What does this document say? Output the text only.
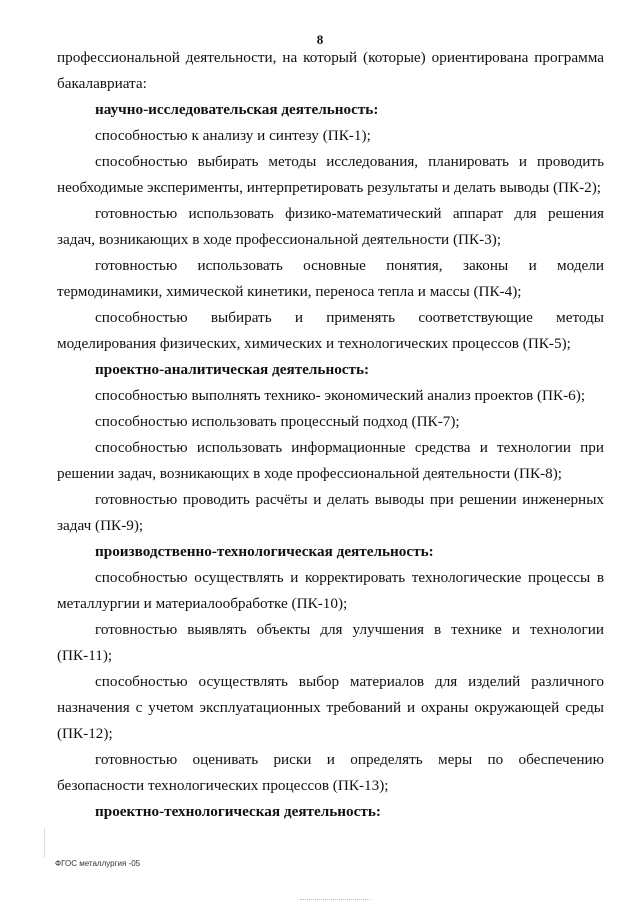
8

профессиональной деятельности, на который (которые) ориентирована программа бакалавриата:

научно-исследовательская деятельность:

способностью к анализу и синтезу (ПК-1);

способностью выбирать методы исследования, планировать и проводить необходимые эксперименты, интерпретировать результаты и делать выводы (ПК-2);

готовностью использовать физико-математический аппарат для решения задач, возникающих в ходе профессиональной деятельности (ПК-3);

готовностью использовать основные понятия, законы и модели термодинамики, химической кинетики, переноса тепла и массы (ПК-4);

способностью выбирать и применять соответствующие методы моделирования физических, химических и технологических процессов (ПК-5);

проектно-аналитическая деятельность:

способностью выполнять технико- экономический анализ проектов (ПК-6);

способностью использовать процессный подход (ПК-7);

способностью использовать информационные средства и технологии при решении задач, возникающих в ходе профессиональной деятельности (ПК-8);

готовностью проводить расчёты и делать выводы при решении инженерных задач (ПК-9);

производственно-технологическая деятельность:

способностью осуществлять и корректировать технологические процессы в металлургии и материалообработке (ПК-10);

готовностью выявлять объекты для улучшения в технике и технологии (ПК-11);

способностью осуществлять выбор материалов для изделий различного назначения с учетом эксплуатационных требований и охраны окружающей среды (ПК-12);

готовностью оценивать риски и определять меры по обеспечению безопасности технологических процессов (ПК-13);

проектно-технологическая деятельность:

ФГОС металлургия -05
